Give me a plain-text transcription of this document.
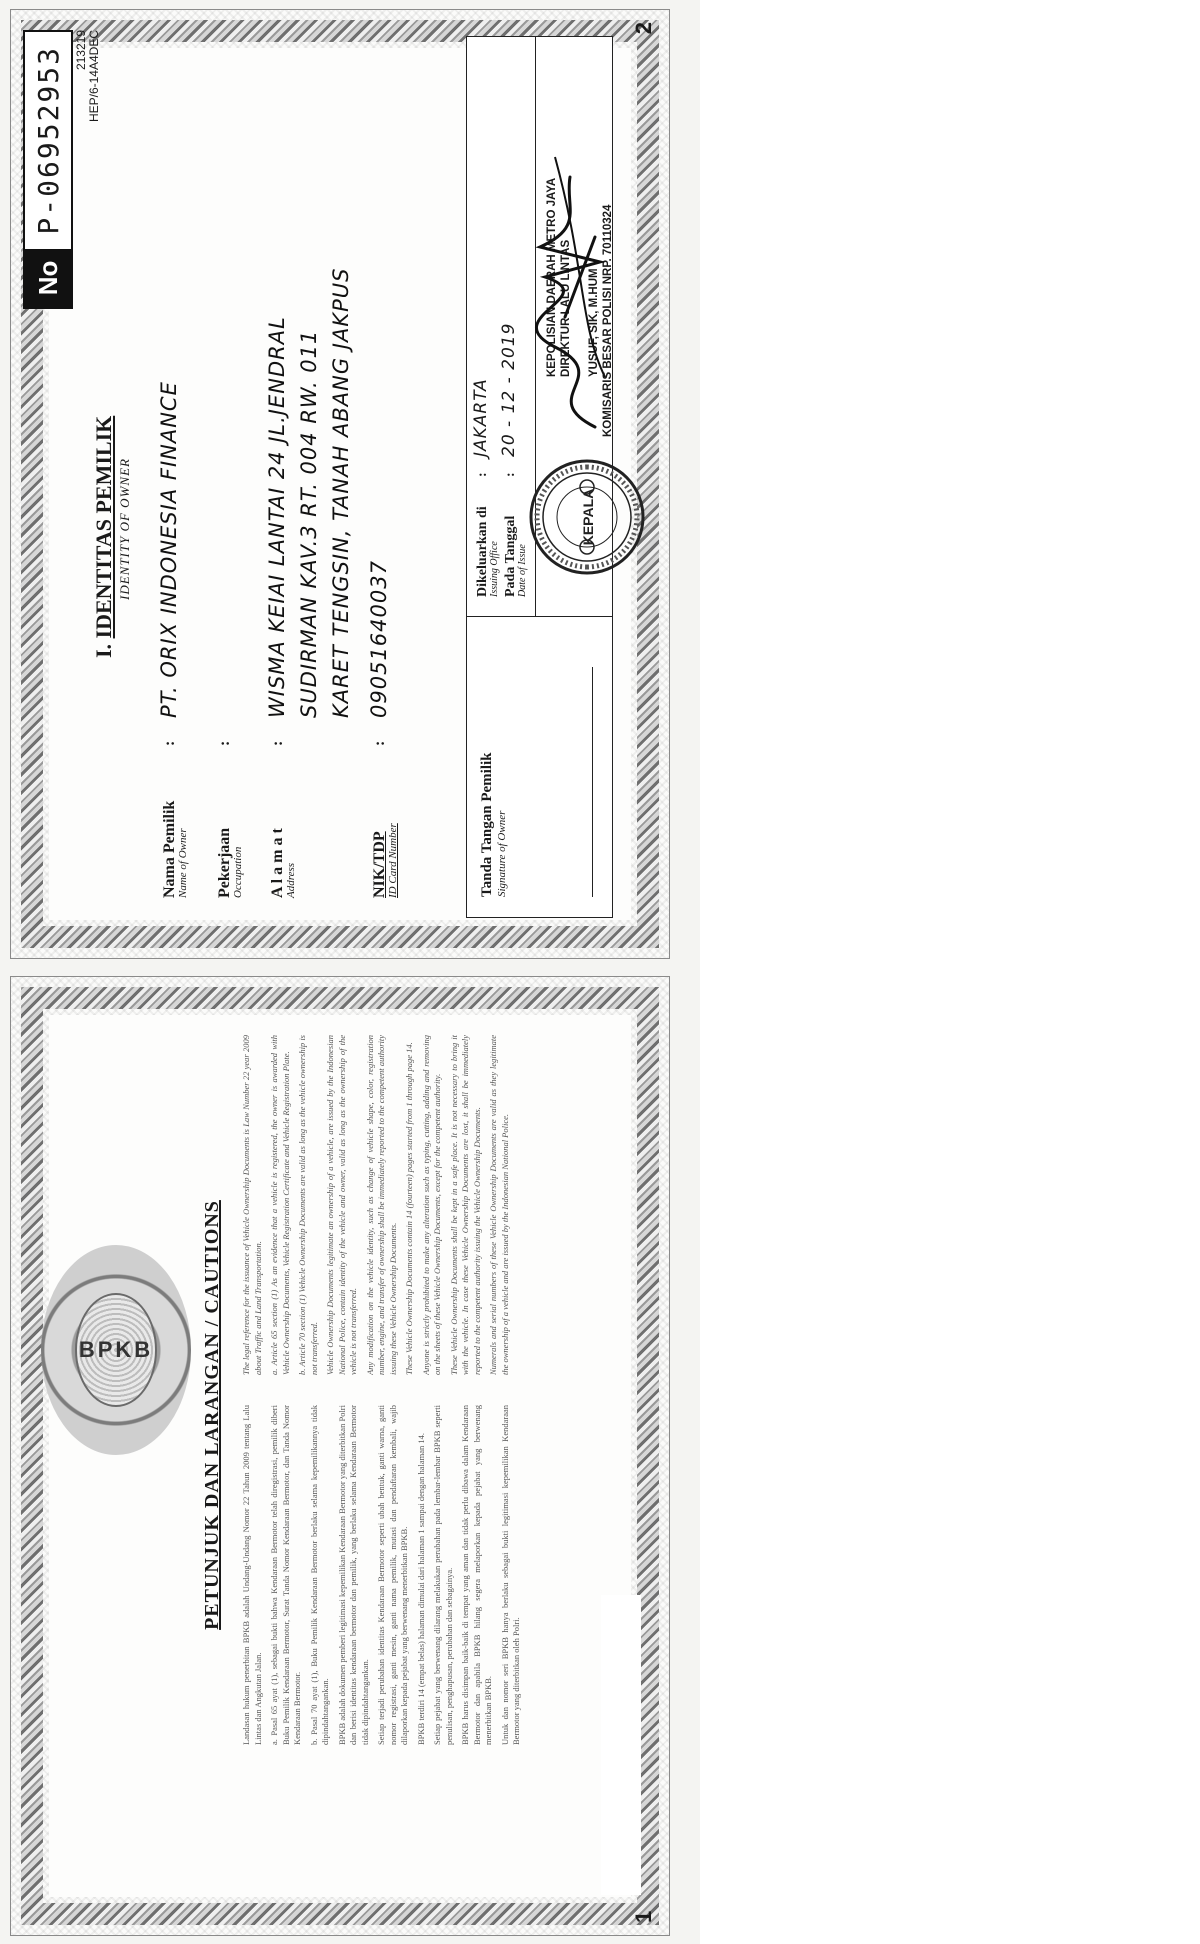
BPKB PETUNJUK DAN LARANGAN / CAUTIONS Landasan hukum penerbitan BPKB adalah Undang-Undang Nomor 22 Tahun 2009 tentang Lalu Lintas dan Angkutan Jalan. a. Pasal 65 ayat (1), sebagai bukti bahwa Kendaraan Bermotor telah diregistrasi, pemilik diberi Buku Pemilik Kendaraan Bermotor, Surat Tanda Nomor Kendaraan Bermotor, dan Tanda Nomor Kendaraan Bermotor. b. Pasal 70 ayat (1), Buku Pemilik Kendaraan Bermotor berlaku selama kepemilikannya tidak dipindahtangankan. BPKB adalah dokumen pemberi legitimasi kepemilikan Kendaraan Bermotor yang diterbitkan Polri dan berisi identitas kendaraan bermotor dan pemilik, yang berlaku selama Kendaraan Bermotor tidak dipindahtangankan. Setiap terjadi perubahan identitas Kendaraan Bermotor seperti ubah bentuk, ganti warna, ganti nomor registrasi, ganti mesin, ganti nama pemilik, mutasi dan pendaftaran kembali, wajib dilaporkan kepada pejabat yang berwenang menerbitkan BPKB. BPKB terdiri 14 (empat belas) halaman dimulai dari halaman 1 sampai dengan halaman 14. Setiap pejabat yang berwenang dilarang melakukan perubahan pada lembar-lembar BPKB seperti penulisan, penghapusan, perubahan dan sebagainya. BPKB harus disimpan baik-baik di tempat yang aman dan tidak perlu dibawa dalam Kendaraan Bermotor dan apabila BPKB hilang segera melaporkan kepada pejabat yang berwenang menerbitkan BPKB. Untuk dan nomor seri BPKB hanya berlaku sebagai bukti legitimasi kepemilikan Kendaraan Bermotor yang diterbitkan oleh Polri.

The legal reference for the issuance of Vehicle Ownership Documents is Law Number 22 year 2009 about Traffic and Land Transportation. a. Article 65 section (1) As an evidence that a vehicle is registered, the owner is awarded with Vehicle Ownership Documents, Vehicle Registration Certificate and Vehicle Registration Plate. b. Article 70 section (1) Vehicle Ownership Documents are valid as long as the vehicle ownership is not transferred. Vehicle Ownership Documents legitimate an ownership of a vehicle, are issued by the Indonesian National Police, contain identity of the vehicle and owner, valid as long as the ownership of the vehicle is not transferred. Any modification on the vehicle identity, such as change of vehicle shape, color, registration number, engine, and transfer of ownership shall be immediately reported to the competent authority issuing these Vehicle Ownership Documents. These Vehicle Ownership Documents contain 14 (fourteen) pages started from 1 through page 14. Anyone is strictly prohibited to make any alteration such as typing, cutting, adding and removing on the sheets of these Vehicle Ownership Documents, except for the competent authority. These Vehicle Ownership Documents shall be kept in a safe place. It is not necessary to bring it with the vehicle. In case these Vehicle Ownership Documents are lost, it shall be immediately reported to the competent authority issuing the Vehicle Ownership Documents. Numerals and serial numbers of these Vehicle Ownership Documents are valid as they legitimate the ownership of a vehicle and are issued by the Indonesian National Police.

1
No
P-06952953 213219 HEP/6-14A4DEC
I. IDENTITAS PEMILIK IDENTITY OF OWNER
Nama Pemilik Name of Owner
:
PT. ORIX INDONESIA FINANCE
Pekerjaan Occupation
:
A l a m a t Address
:
WISMA KEIAI LANTAI 24 JL.JENDRAL SUDIRMAN KAV.3 RT. 004 RW. 011 KARET TENGSIN, TANAH ABANG JAKPUS
NIK/TDP ID Card Number
:
09051640037
Tanda Tangan Pemilik Signature of Owner
Dikeluarkan di Issuing Office
:
JAKARTA
Pada Tanggal Date of Issue
:
20 - 12 - 2019
KEPOLISIAN DAERAH METRO JAYA DIREKTUR LALU LINTAS YUSUF, SIK, M.HUM KOMISARIS BESAR POLISI NRP. 70110324
KEPALA
2
